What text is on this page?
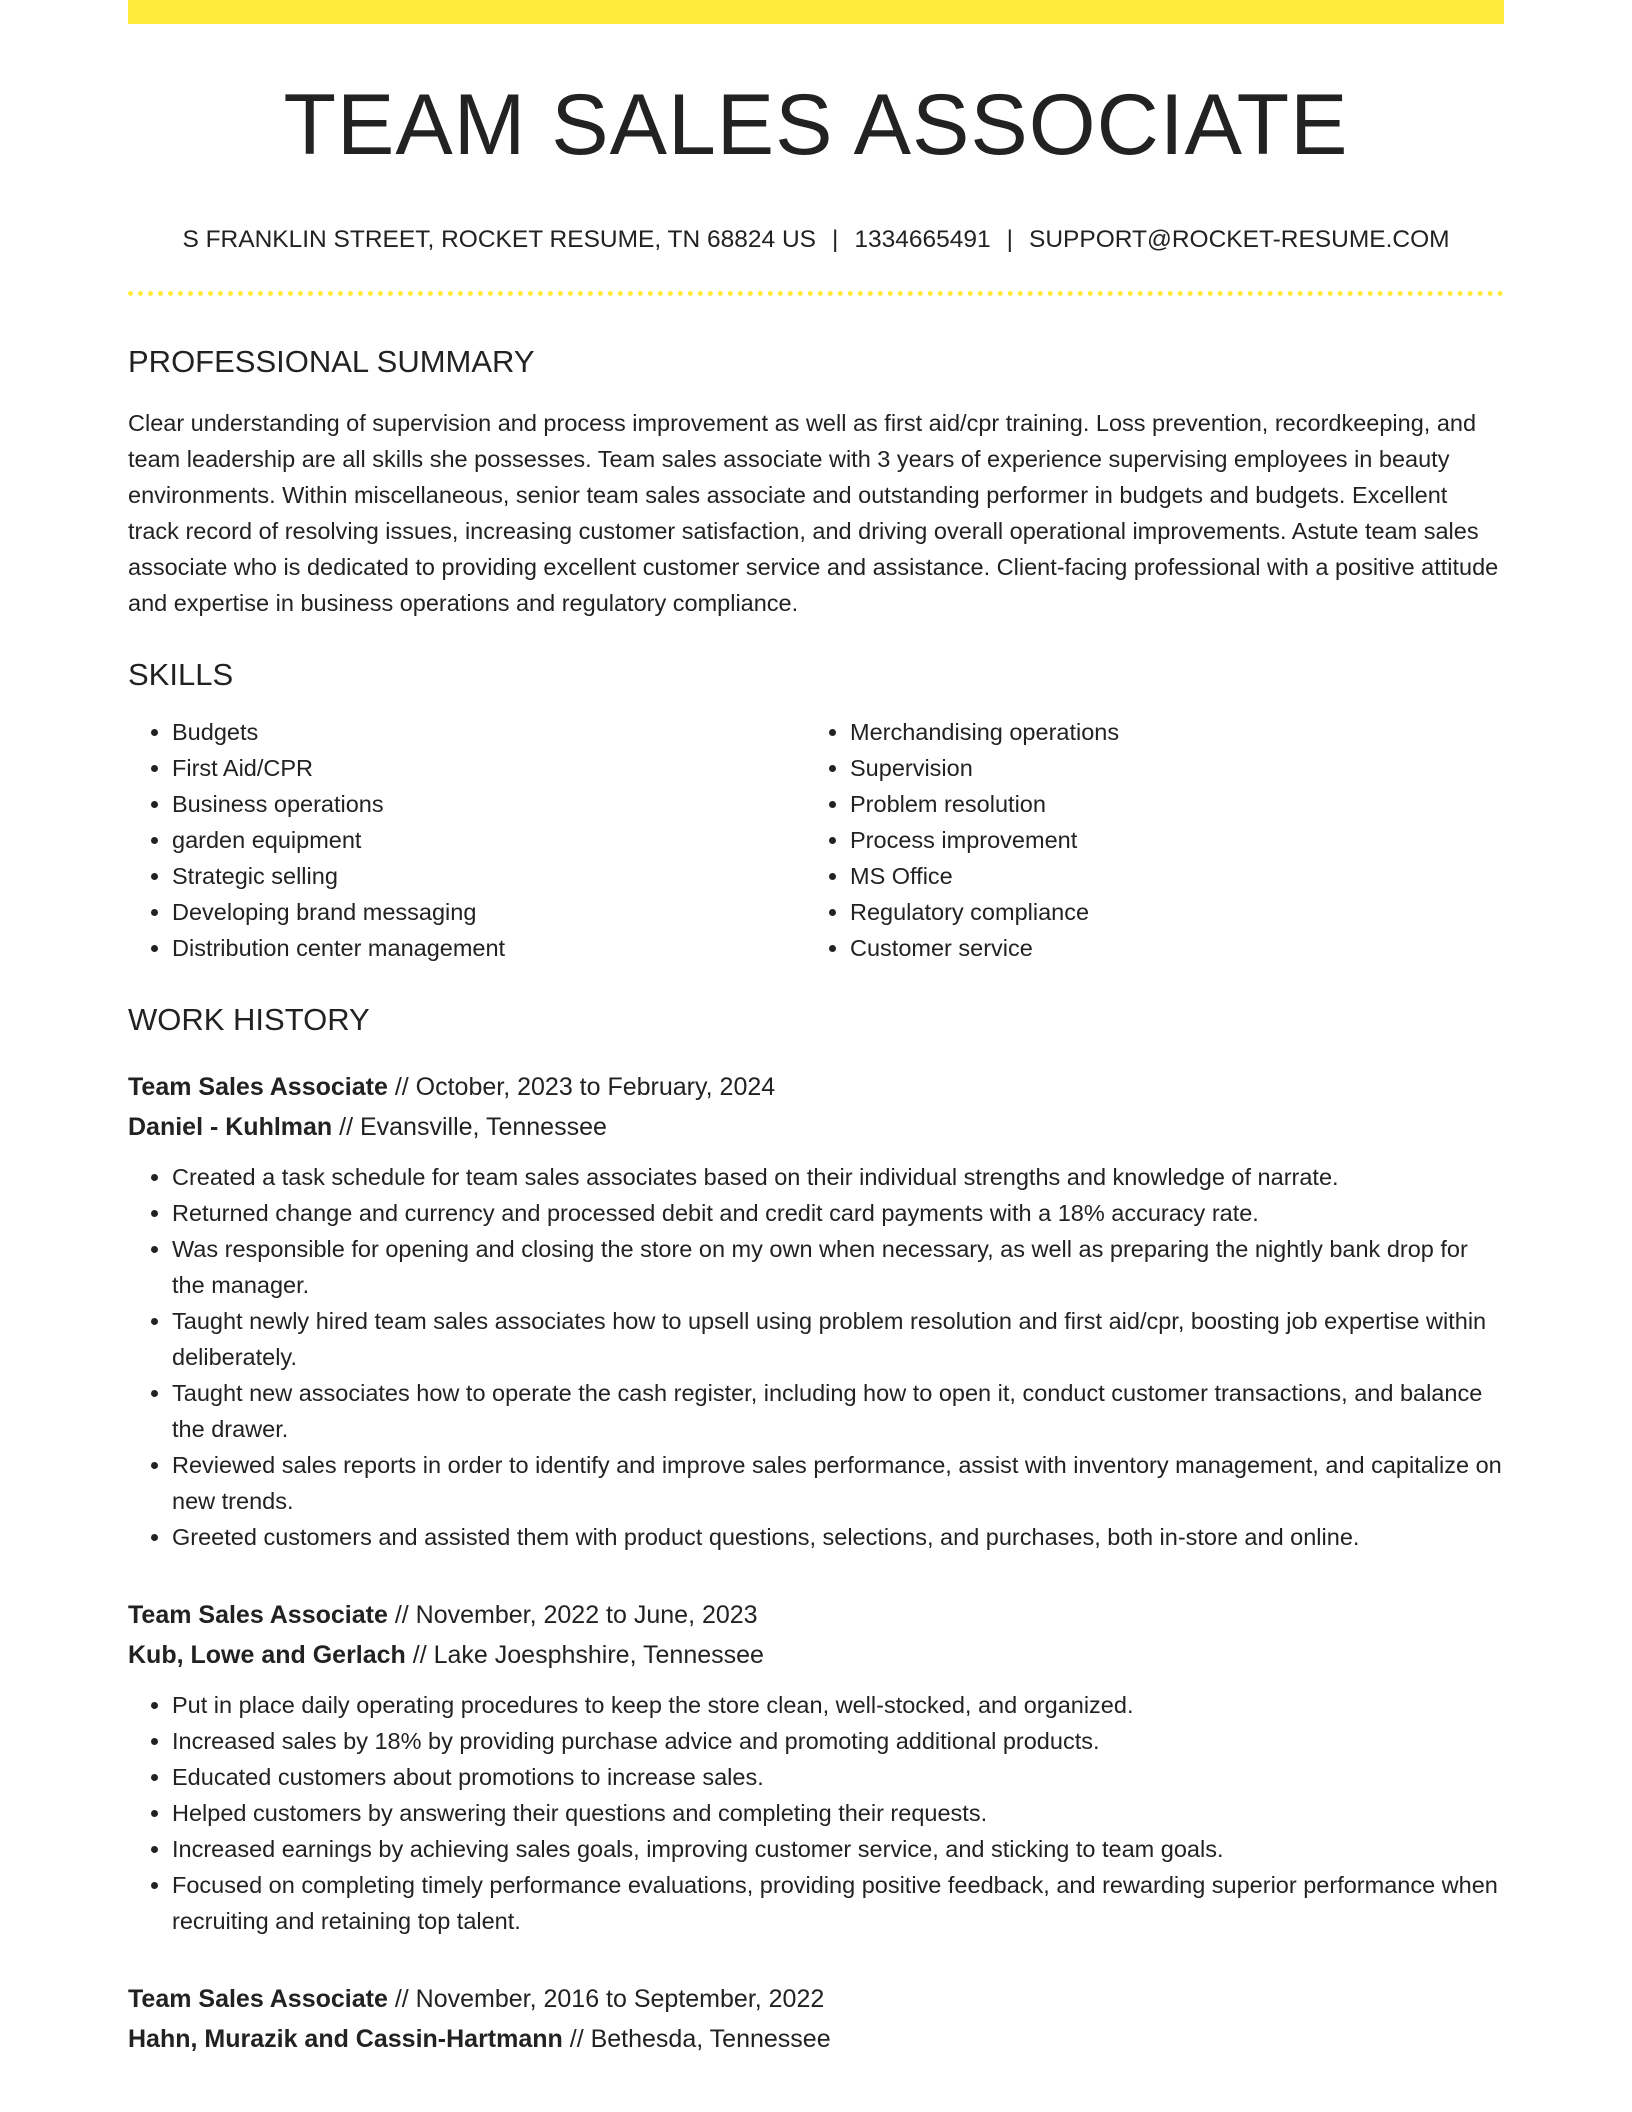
TEAM SALES ASSOCIATE
S FRANKLIN STREET, ROCKET RESUME, TN 68824 US | 1334665491 | SUPPORT@ROCKET-RESUME.COM
PROFESSIONAL SUMMARY

Clear understanding of supervision and process improvement as well as first aid/cpr training. Loss prevention, recordkeeping, and team leadership are all skills she possesses. Team sales associate with 3 years of experience supervising employees in beauty environments. Within miscellaneous, senior team sales associate and outstanding performer in budgets and budgets. Excellent track record of resolving issues, increasing customer satisfaction, and driving overall operational improvements. Astute team sales associate who is dedicated to providing excellent customer service and assistance. Client-facing professional with a positive attitude and expertise in business operations and regulatory compliance.

SKILLS
• Budgets
• First Aid/CPR
• Business operations
• garden equipment
• Strategic selling
• Developing brand messaging
• Distribution center management
• Merchandising operations
• Supervision
• Problem resolution
• Process improvement
• MS Office
• Regulatory compliance
• Customer service
WORK HISTORY
Team Sales Associate // October, 2023 to February, 2024
Daniel - Kuhlman // Evansville, Tennessee
• Created a task schedule for team sales associates based on their individual strengths and knowledge of narrate.
• Returned change and currency and processed debit and credit card payments with a 18% accuracy rate.
• Was responsible for opening and closing the store on my own when necessary, as well as preparing the nightly bank drop for the manager.
• Taught newly hired team sales associates how to upsell using problem resolution and first aid/cpr, boosting job expertise within deliberately.
• Taught new associates how to operate the cash register, including how to open it, conduct customer transactions, and balance the drawer.
• Reviewed sales reports in order to identify and improve sales performance, assist with inventory management, and capitalize on new trends.
• Greeted customers and assisted them with product questions, selections, and purchases, both in-store and online.
Team Sales Associate // November, 2022 to June, 2023
Kub, Lowe and Gerlach // Lake Joesphshire, Tennessee
• Put in place daily operating procedures to keep the store clean, well-stocked, and organized.
• Increased sales by 18% by providing purchase advice and promoting additional products.
• Educated customers about promotions to increase sales.
• Helped customers by answering their questions and completing their requests.
• Increased earnings by achieving sales goals, improving customer service, and sticking to team goals.
• Focused on completing timely performance evaluations, providing positive feedback, and rewarding superior performance when recruiting and retaining top talent.
Team Sales Associate // November, 2016 to September, 2022
Hahn, Murazik and Cassin-Hartmann // Bethesda, Tennessee
